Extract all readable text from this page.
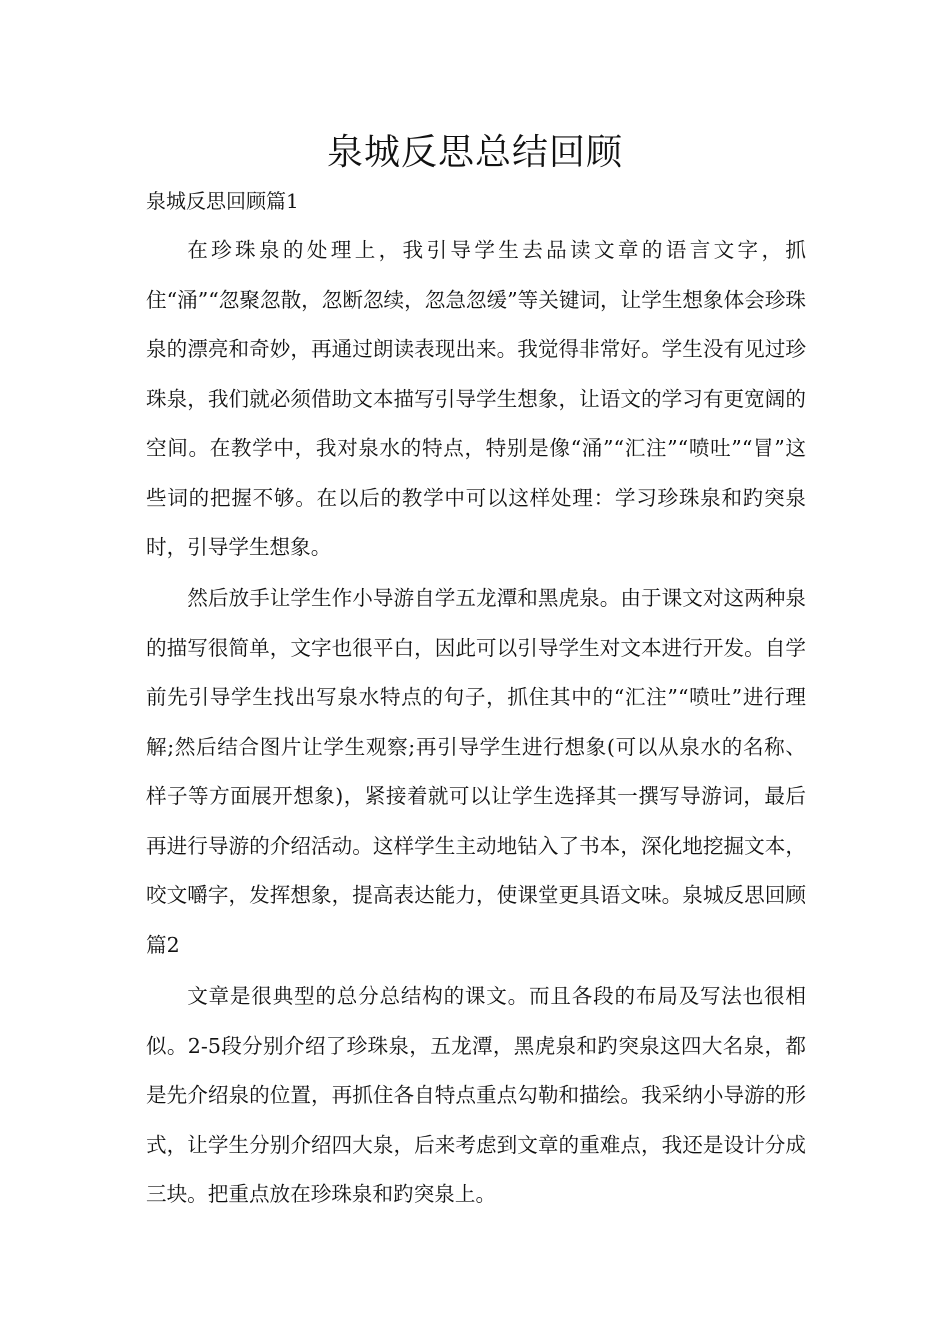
泉城反思总结回顾
泉城反思回顾篇1

在珍珠泉的处理上，我引导学生去品读文章的语言文字，抓住“涌”“忽聚忽散，忽断忽续，忽急忽缓”等关键词，让学生想象体会珍珠泉的漂亮和奇妙，再通过朗读表现出来。我觉得非常好。学生没有见过珍珠泉，我们就必须借助文本描写引导学生想象，让语文的学习有更宽阔的空间。在教学中，我对泉水的特点，特别是像“涌”“汇注”“喷吐”“冒”这些词的把握不够。在以后的教学中可以这样处理：学习珍珠泉和趵突泉时，引导学生想象。

然后放手让学生作小导游自学五龙潭和黑虎泉。由于课文对这两种泉的描写很简单，文字也很平白，因此可以引导学生对文本进行开发。自学前先引导学生找出写泉水特点的句子，抓住其中的“汇注”“喷吐”进行理解;然后结合图片让学生观察;再引导学生进行想象(可以从泉水的名称、样子等方面展开想象)，紧接着就可以让学生选择其一撰写导游词，最后再进行导游的介绍活动。这样学生主动地钻入了书本，深化地挖掘文本，咬文嚼字，发挥想象，提高表达能力，使课堂更具语文味。泉城反思回顾篇2

文章是很典型的总分总结构的课文。而且各段的布局及写法也很相似。2-5段分别介绍了珍珠泉，五龙潭，黑虎泉和趵突泉这四大名泉，都是先介绍泉的位置，再抓住各自特点重点勾勒和描绘。我采纳小导游的形式，让学生分别介绍四大泉，后来考虑到文章的重难点，我还是设计分成三块。把重点放在珍珠泉和趵突泉上。
